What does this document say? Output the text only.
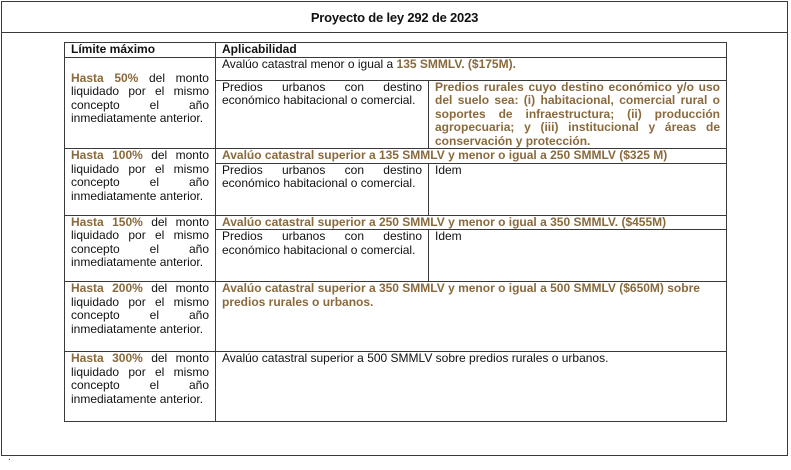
Proyecto de ley 292 de 2023
Límite máximo	Aplicabilidad	
Hasta 50% del monto liquidado por el mismo concepto el año inmediatamente anterior.	Avalúo catastral menor o igual a 135 SMMLV. ($175M).	
	Predios urbanos con destino económico habitacional o comercial.	Predios rurales cuyo destino económico y/o uso del suelo sea: (i) habitacional, comercial rural o soportes de infraestructura; (ii) producción agropecuaria; y (iii) institucional y áreas de conservación y protección.
Hasta 100% del monto liquidado por el mismo concepto el año inmediatamente anterior.	Avalúo catastral superior a 135 SMMLV y menor o igual a 250 SMMLV ($325 M)	
	Predios urbanos con destino económico habitacional o comercial.	Idem
Hasta 150% del monto liquidado por el mismo concepto el año inmediatamente anterior.	Avalúo catastral superior a 250 SMMLV y menor o igual a 350 SMMLV. ($455M)	
	Predios urbanos con destino económico habitacional o comercial.	Idem
Hasta 200% del monto liquidado por el mismo concepto el año inmediatamente anterior.	Avalúo catastral superior a 350 SMMLV y menor o igual a 500 SMMLV ($650M) sobre predios rurales o urbanos.	
Hasta 300% del monto liquidado por el mismo concepto el año inmediatamente anterior.	Avalúo catastral superior a 500 SMMLV sobre predios rurales o urbanos.	
.
